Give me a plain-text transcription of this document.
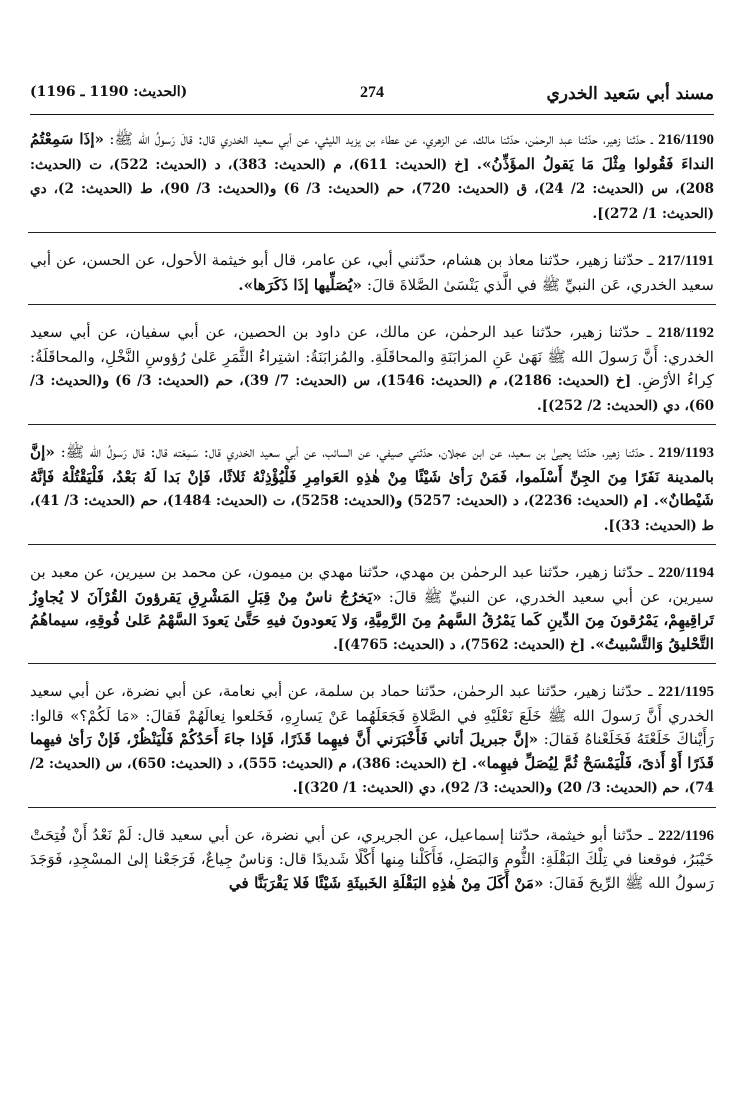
مسند أبي سَعيد الخدري
274
(الحديث: 1190 ـ 1196)
216/1190 ـ حدّثنا زهير، حدّثنا عبد الرحمٰن، حدّثنا مالك، عن الزهري، عن عطاء بن يزيد الليثي، عن أبي سعيد الخدري قال: قالَ رَسولُ الله ﷺ: «إذَا سَمِعْتُمُ النداءَ فَقُولوا مِثْلَ مَا يَقولُ المؤَذِّنُ». [خ (الحديث: 611)، م (الحديث: 383)، د (الحديث: 522)، ت (الحديث: 208)، س (الحديث: 2/ 24)، ق (الحديث: 720)، حم (الحديث: 3/ 6) و(الحديث: 3/ 90)، ط (الحديث: 2)، دي (الحديث: 1/ 272)].
217/1191 ـ حدّثنا زهير، حدّثنا معاذ بن هشام، حدّثني أبي، عن عامر، قال أبو خيثمة الأحول، عن الحسن، عن أبي سعيد الخدري، عَن النبيِّ ﷺ في الَّذي يَنْسَىٰ الصَّلاةَ قالَ: «يُصَلِّيها إذَا ذَكَرَها».
218/1192 ـ حدّثنا زهير، حدّثنا عبد الرحمٰن، عن مالك، عن داود بن الحصين، عن أبي سفيان، عن أبي سعيد الخدري: أَنَّ رَسولَ الله ﷺ نَهَىٰ عَنِ المزابَنَةِ والمحاقَلَةِ. والمُزابَنَةُ: اشتِراءُ الثَّمَرِ عَلىٰ رُؤوسِ النَّخْلِ، والمحاقَلَةُ: كِراءُ الأرْضِ. [خ (الحديث: 2186)، م (الحديث: 1546)، س (الحديث: 7/ 39)، حم (الحديث: 3/ 6) و(الحديث: 3/ 60)، دي (الحديث: 2/ 252)].
219/1193 ـ حدّثنا زهير، حدّثنا يحيىٰ بن سعيد، عن ابن عجلان، حدّثني صيفي، عن السائب، عن أبي سعيد الخدري قال: سَمِعْته قال: قال رَسولُ الله ﷺ: «إنَّ بالمدينة نَفَرًا مِنَ الجِنِّ أَسْلَموا، فَمَنْ رَأىٰ شَيْئًا مِنْ هٰذِهِ العَوامِرِ فَلْيُؤْذِنْهُ ثَلاثًا، فَإنْ بَدا لَهُ بَعْدُ، فَلْيَقْتُلْهُ فَإنَّهُ شَيْطانٌ». [م (الحديث: 2236)، د (الحديث: 5257) و(الحديث: 5258)، ت (الحديث: 1484)، حم (الحديث: 3/ 41)، ط (الحديث: 33)].
220/1194 ـ حدّثنا زهير، حدّثنا عبد الرحمٰن بن مهدي، حدّثنا مهدي بن ميمون، عن محمد بن سيرين، عن معبد بن سيرين، عن أبي سعيد الخدري، عن النبيِّ ﷺ قالَ: «يَخرُجُ ناسٌ مِنْ قِبَلِ المَشْرِقِ يَقرؤونَ القُرْآنَ لا يُجاوِزُ تَراقِيهِمْ، يَمْرُقونَ مِنَ الدِّينِ كَما يَمْرُقُ السَّهمُ مِنَ الرَّمِيَّةِ، وَلا يَعودونَ فيهِ حَتَّىٰ يَعودَ السَّهْمُ عَلىٰ فُوقِهِ، سيماهُمُ التَّحْليقُ وَالتَّسْبيتُ». [خ (الحديث: 7562)، د (الحديث: 4765)].
221/1195 ـ حدّثنا زهير، حدّثنا عبد الرحمٰن، حدّثنا حماد بن سلمة، عن أبي نعامة، عن أبي نضرة، عن أبي سعيد الخدري أَنَّ رَسولَ الله ﷺ خَلَعَ نَعْلَيْهِ في الصَّلاةِ فَجَعَلَهُما عَنْ يَسارِهِ، فَخَلعوا نِعالَهُمْ فَقالَ: «مَا لَكُمْ؟» قالوا: رَأَيْناكَ خَلَعْتَهُ فَخَلَعْناهُ فَقالَ: «إنَّ جبريلَ أتاني فَأَخْبَرَني أَنَّ فيهِما قَذَرًا، فَإذا جاءَ أَحَدُكُمْ فَلْيَنْظُرْ، فَإنْ رَأىٰ فيهِما قَذَرًا أَوْ أَذىً، فَلْيَمْسَحْ ثُمَّ لِيُصَلِّ فيهِما». [خ (الحديث: 386)، م (الحديث: 555)، د (الحديث: 650)، س (الحديث: 2/ 74)، حم (الحديث: 3/ 20) و(الحديث: 3/ 92)، دي (الحديث: 1/ 320)].
222/1196 ـ حدّثنا أبو خيثمة، حدّثنا إسماعيل، عن الجريري، عن أبي نضرة، عن أبي سعيد قال: لَمْ نَعْدُ أَنْ فُتِحَتْ خَيْبَرُ، فوقعنا في تِلْكَ البَقْلَةِ: الثُّومِ وَالبَصَلِ، فَأَكَلْنا مِنها أَكْلًا شَديدًا قال: وَناسٌ جِياعٌ، فَرَجَعْنا إلىٰ المسْجِدِ، فَوَجَدَ رَسولُ الله ﷺ الرِّيحَ فَقالَ: «مَنْ أَكَلَ مِنْ هٰذِهِ البَقْلَةِ الخَبيثَةِ شَيْئًا فَلا يَقْرَبَنَّا في
